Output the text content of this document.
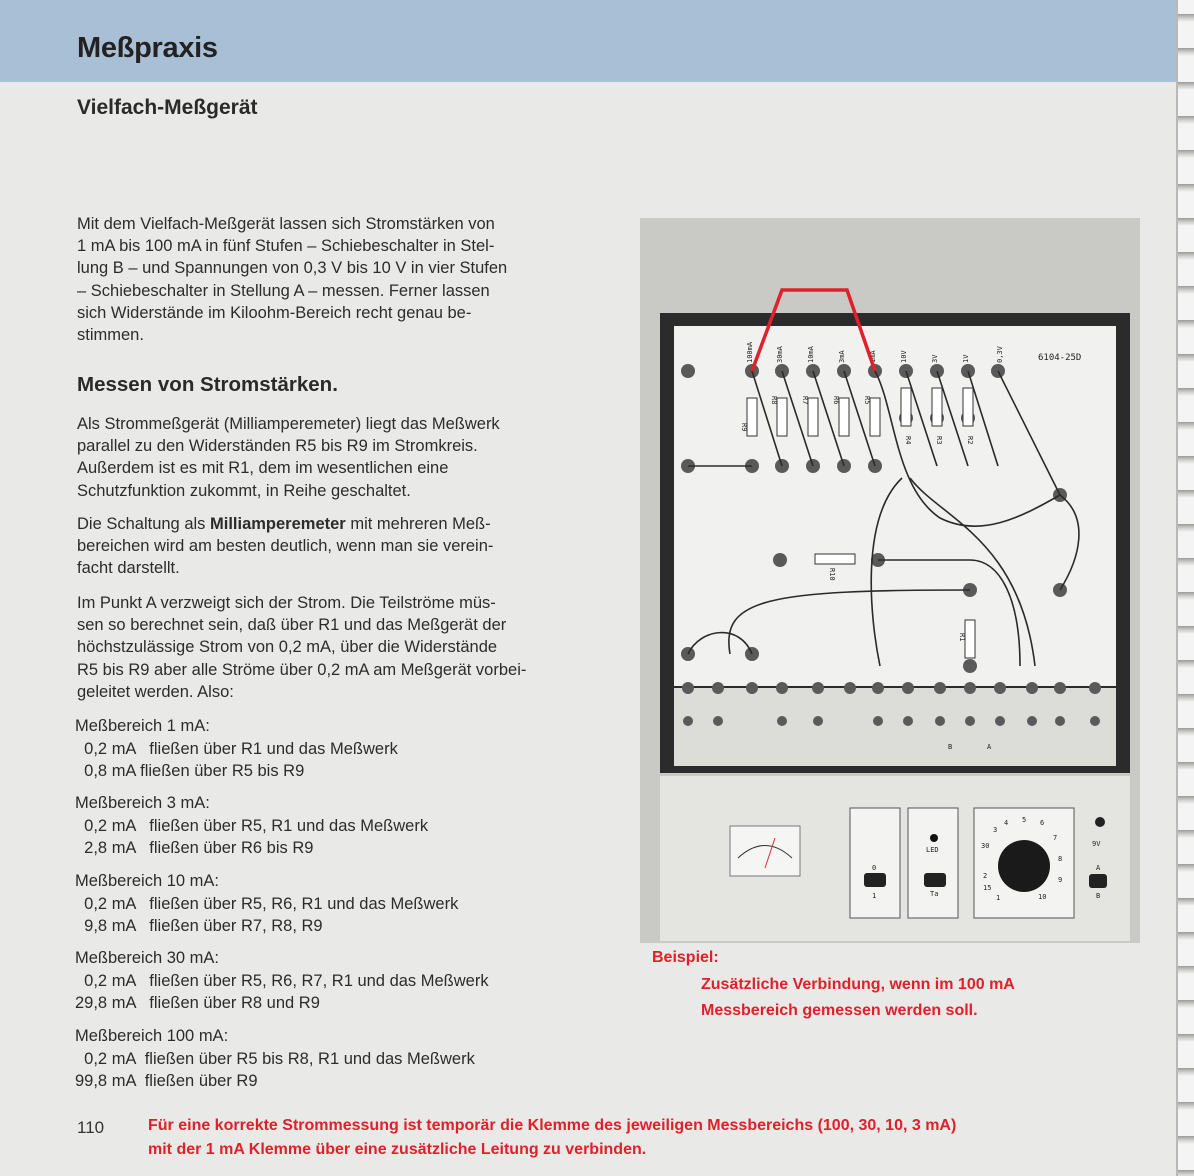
Meßpraxis
Vielfach-Meßgerät
Mit dem Vielfach-Meßgerät lassen sich Stromstärken von
1 mA bis 100 mA in fünf Stufen – Schiebeschalter in Stel-
lung B – und Spannungen von 0,3 V bis 10 V in vier Stufen
– Schiebeschalter in Stellung A – messen. Ferner lassen
sich Widerstände im Kiloohm-Bereich recht genau be-
stimmen.
Messen von Stromstärken.
Als Strommeßgerät (Milliamperemeter) liegt das Meßwerk
parallel zu den Widerständen R5 bis R9 im Stromkreis.
Außerdem ist es mit R1, dem im wesentlichen eine
Schutzfunktion zukommt, in Reihe geschaltet.
Die Schaltung als Milliamperemeter mit mehreren Meß-
bereichen wird am besten deutlich, wenn man sie verein-
facht darstellt.
Im Punkt A verzweigt sich der Strom. Die Teilströme müs-
sen so berechnet sein, daß über R1 und das Meßgerät der
höchstzulässige Strom von 0,2 mA, über die Widerstände
R5 bis R9 aber alle Ströme über 0,2 mA am Meßgerät vorbei-
geleitet werden. Also:

Meßbereich 1 mA:

0,2 mA   fließen über R1 und das Meßwerk

0,8 mA fließen über R5 bis R9

Meßbereich 3 mA:

0,2 mA   fließen über R5, R1 und das Meßwerk

2,8 mA   fließen über R6 bis R9

Meßbereich 10 mA:

0,2 mA   fließen über R5, R6, R1 und das Meßwerk

9,8 mA   fließen über R7, R8, R9

Meßbereich 30 mA:

0,2 mA   fließen über R5, R6, R7, R1 und das Meßwerk

29,8 mA   fließen über R8 und R9

Meßbereich 100 mA:

0,2 mA  fließen über R5 bis R8, R1 und das Meßwerk

99,8 mA  fließen über R9

6104-25D
100mA	30mA	10mA	3mA	1mA	10V	3V	1V	0,3V
R9
R8	R7	R6	R5
R4	R3	R2
R10
R1
B	A
0
1
LED
Ta
30
3
4 5 6
7
8
9
10
2
15
1
9V
A
B
Beispiel:
Zusätzliche Verbindung, wenn im 100 mA
Messbereich gemessen werden soll.
110	Für eine korrekte Strommessung ist temporär die Klemme des jeweiligen Messbereichs (100, 30, 10, 3 mA)
mit der 1 mA Klemme über eine zusätzliche Leitung zu verbinden.
